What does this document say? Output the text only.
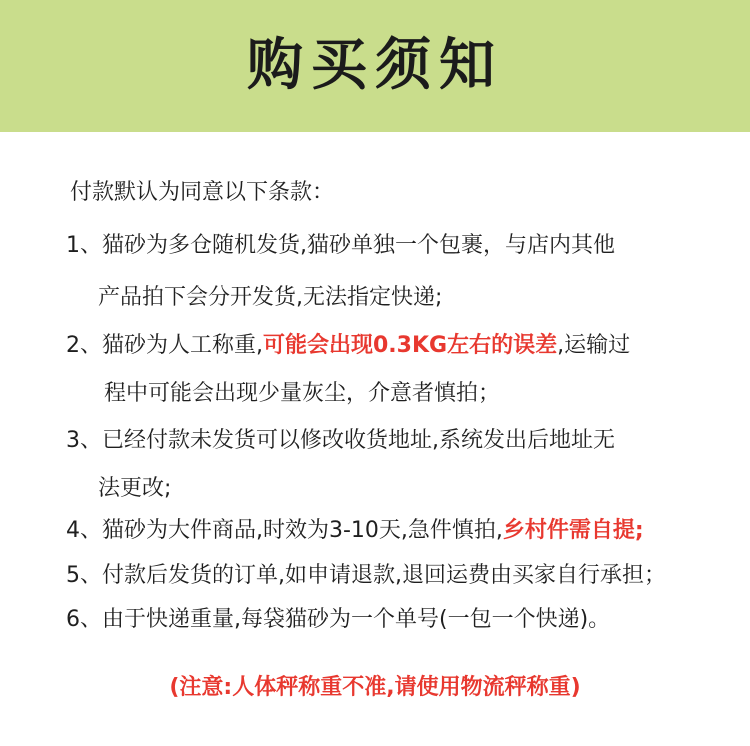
购买须知
付款默认为同意以下条款：
1、猫砂为多仓随机发货,猫砂单独一个包裹，与店内其他
产品拍下会分开发货,无法指定快递;
2、猫砂为人工称重,可能会出现0.3KG左右的误差,运输过
程中可能会出现少量灰尘，介意者慎拍；
3、已经付款未发货可以修改收货地址,系统发出后地址无
法更改;
4、猫砂为大件商品,时效为3-10天,急件慎拍,乡村件需自提;
5、付款后发货的订单,如申请退款,退回运费由买家自行承担；
6、由于快递重量,每袋猫砂为一个单号(一包一个快递)。
(注意:人体秤称重不准,请使用物流秤称重)
